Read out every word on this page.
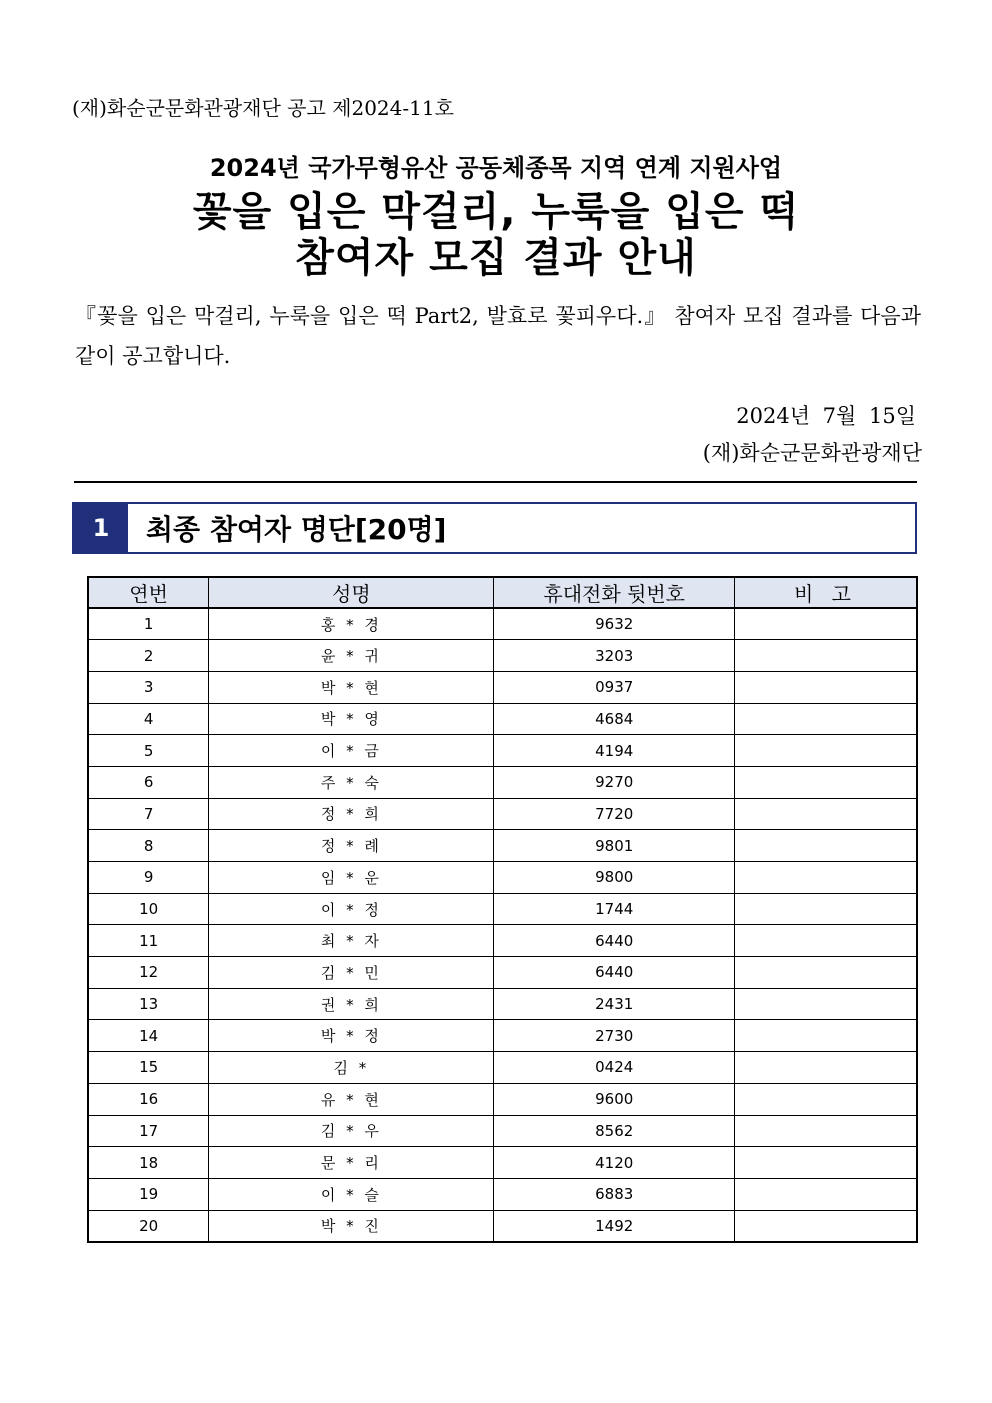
(재)화순군문화관광재단 공고 제2024-11호
2024년 국가무형유산 공동체종목 지역 연계 지원사업
꽃을 입은 막걸리, 누룩을 입은 떡
참여자 모집 결과 안내

『꽃을 입은 막걸리, 누룩을 입은 떡 Part2, 발효로 꽃피우다.』 참여자 모집 결과를 다음과 같이 공고합니다.

2024년 7월 15일
(재)화순군문화관광재단
1	최종 참여자 명단[20명]
연번	성명	휴대전화 뒷번호	비 고
1	홍 * 경	9632	
2	윤 * 귀	3203	
3	박 * 현	0937	
4	박 * 영	4684	
5	이 * 금	4194	
6	주 * 숙	9270	
7	정 * 희	7720	
8	정 * 례	9801	
9	임 * 운	9800	
10	이 * 정	1744	
11	최 * 자	6440	
12	김 * 민	6440	
13	권 * 희	2431	
14	박 * 정	2730	
15	김 *	0424	
16	유 * 현	9600	
17	김 * 우	8562	
18	문 * 리	4120	
19	이 * 슬	6883	
20	박 * 진	1492	
